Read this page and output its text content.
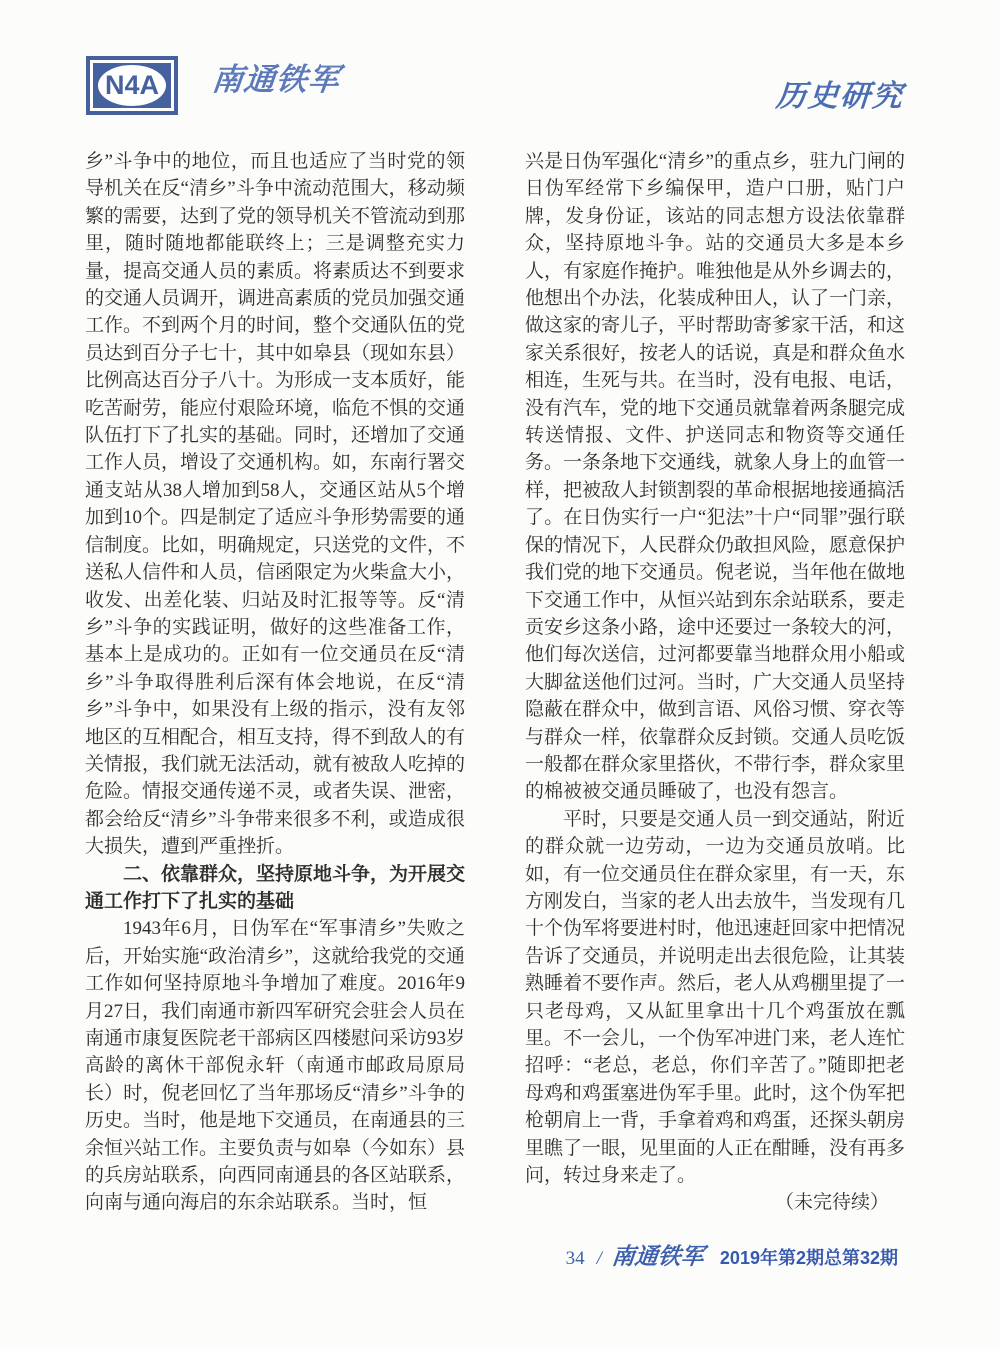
N4A 南通铁军	历史研究

乡”斗争中的地位，而且也适应了当时党的领导机关在反“清乡”斗争中流动范围大，移动频繁的需要，达到了党的领导机关不管流动到那里，随时随地都能联终上；三是调整充实力量，提高交通人员的素质。将素质达不到要求的交通人员调开，调进高素质的党员加强交通工作。不到两个月的时间，整个交通队伍的党员达到百分子七十，其中如皋县（现如东县）比例高达百分子八十。为形成一支本质好，能吃苦耐劳，能应付艰险环境，临危不惧的交通队伍打下了扎实的基础。同时，还增加了交通工作人员，增设了交通机构。如，东南行署交通支站从38人增加到58人，交通区站从5个增加到10个。四是制定了适应斗争形势需要的通信制度。比如，明确规定，只送党的文件，不送私人信件和人员，信函限定为火柴盒大小，收发、出差化装、归站及时汇报等等。反“清乡”斗争的实践证明，做好的这些准备工作，基本上是成功的。正如有一位交通员在反“清乡”斗争取得胜利后深有体会地说，在反“清乡”斗争中，如果没有上级的指示，没有友邻地区的互相配合，相互支持，得不到敌人的有关情报，我们就无法活动，就有被敌人吃掉的危险。情报交通传递不灵，或者失误、泄密，都会给反“清乡”斗争带来很多不利，或造成很大损失，遭到严重挫折。

二、依靠群众，坚持原地斗争，为开展交通工作打下了扎实的基础

1943年6月，日伪军在“军事清乡”失败之后，开始实施“政治清乡”，这就给我党的交通工作如何坚持原地斗争增加了难度。2016年9月27日，我们南通市新四军研究会驻会人员在南通市康复医院老干部病区四楼慰问采访93岁高龄的离休干部倪永轩（南通市邮政局原局长）时，倪老回忆了当年那场反“清乡”斗争的历史。当时，他是地下交通员，在南通县的三余恒兴站工作。主要负责与如皋（今如东）县的兵房站联系，向西同南通县的各区站联系，向南与通向海启的东余站联系。当时，恒

兴是日伪军强化“清乡”的重点乡，驻九门闸的日伪军经常下乡编保甲，造户口册，贴门户牌，发身份证，该站的同志想方设法依靠群众，坚持原地斗争。站的交通员大多是本乡人，有家庭作掩护。唯独他是从外乡调去的，他想出个办法，化装成种田人，认了一门亲，做这家的寄儿子，平时帮助寄爹家干活，和这家关系很好，按老人的话说，真是和群众鱼水相连，生死与共。在当时，没有电报、电话，没有汽车，党的地下交通员就靠着两条腿完成转送情报、文件、护送同志和物资等交通任务。一条条地下交通线，就象人身上的血管一样，把被敌人封锁割裂的革命根据地接通搞活了。在日伪实行一户“犯法”十户“同罪”强行联保的情况下，人民群众仍敢担风险，愿意保护我们党的地下交通员。倪老说，当年他在做地下交通工作中，从恒兴站到东余站联系，要走贡安乡这条小路，途中还要过一条较大的河，他们每次送信，过河都要靠当地群众用小船或大脚盆送他们过河。当时，广大交通人员坚持隐蔽在群众中，做到言语、风俗习惯、穿衣等与群众一样，依靠群众反封锁。交通人员吃饭一般都在群众家里搭伙，不带行李，群众家里的棉被被交通员睡破了，也没有怨言。

平时，只要是交通人员一到交通站，附近的群众就一边劳动，一边为交通员放哨。比如，有一位交通员住在群众家里，有一天，东方刚发白，当家的老人出去放牛，当发现有几十个伪军将要进村时，他迅速赶回家中把情况告诉了交通员，并说明走出去很危险，让其装熟睡着不要作声。然后，老人从鸡棚里提了一只老母鸡，又从缸里拿出十几个鸡蛋放在瓢里。不一会儿，一个伪军冲进门来，老人连忙招呼：“老总，老总，你们辛苦了。”随即把老母鸡和鸡蛋塞进伪军手里。此时，这个伪军把枪朝肩上一背，手拿着鸡和鸡蛋，还探头朝房里瞧了一眼，见里面的人正在酣睡，没有再多问，转过身来走了。

（未完待续）

34 / 南通铁军 2019年第2期总第32期
